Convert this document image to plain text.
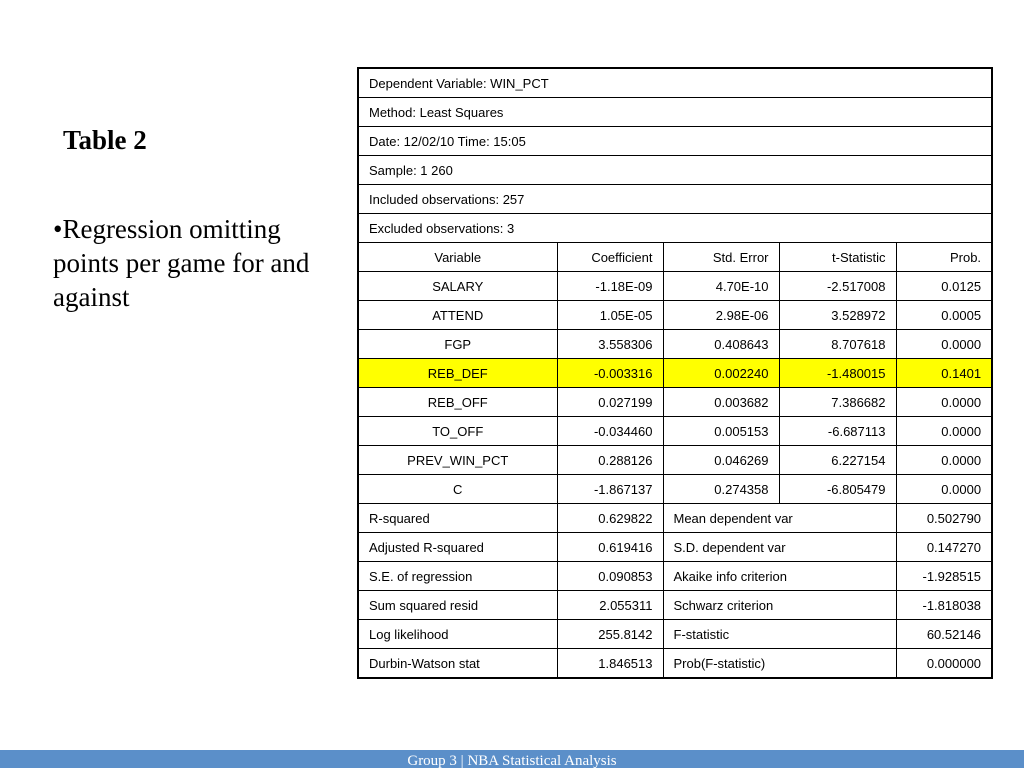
Table 2

•Regression omitting points per game for and against

Dependent Variable: WIN_PCT				
Method: Least Squares				
Date: 12/02/10 Time: 15:05				
Sample: 1 260				
Included observations: 257				
Excluded observations: 3				
Variable	Coefficient	Std. Error	t-Statistic	Prob.
SALARY	-1.18E-09	4.70E-10	-2.517008	0.0125
ATTEND	1.05E-05	2.98E-06	3.528972	0.0005
FGP	3.558306	0.408643	8.707618	0.0000
REB_DEF	-0.003316	0.002240	-1.480015	0.1401
REB_OFF	0.027199	0.003682	7.386682	0.0000
TO_OFF	-0.034460	0.005153	-6.687113	0.0000
PREV_WIN_PCT	0.288126	0.046269	6.227154	0.0000
C	-1.867137	0.274358	-6.805479	0.0000
R-squared	0.629822	Mean dependent var		0.502790
Adjusted R-squared	0.619416	S.D. dependent var		0.147270
S.E. of regression	0.090853	Akaike info criterion		-1.928515
Sum squared resid	2.055311	Schwarz criterion		-1.818038
Log likelihood	255.8142	F-statistic		60.52146
Durbin-Watson stat	1.846513	Prob(F-statistic)		0.000000
Group 3 | NBA Statistical Analysis
